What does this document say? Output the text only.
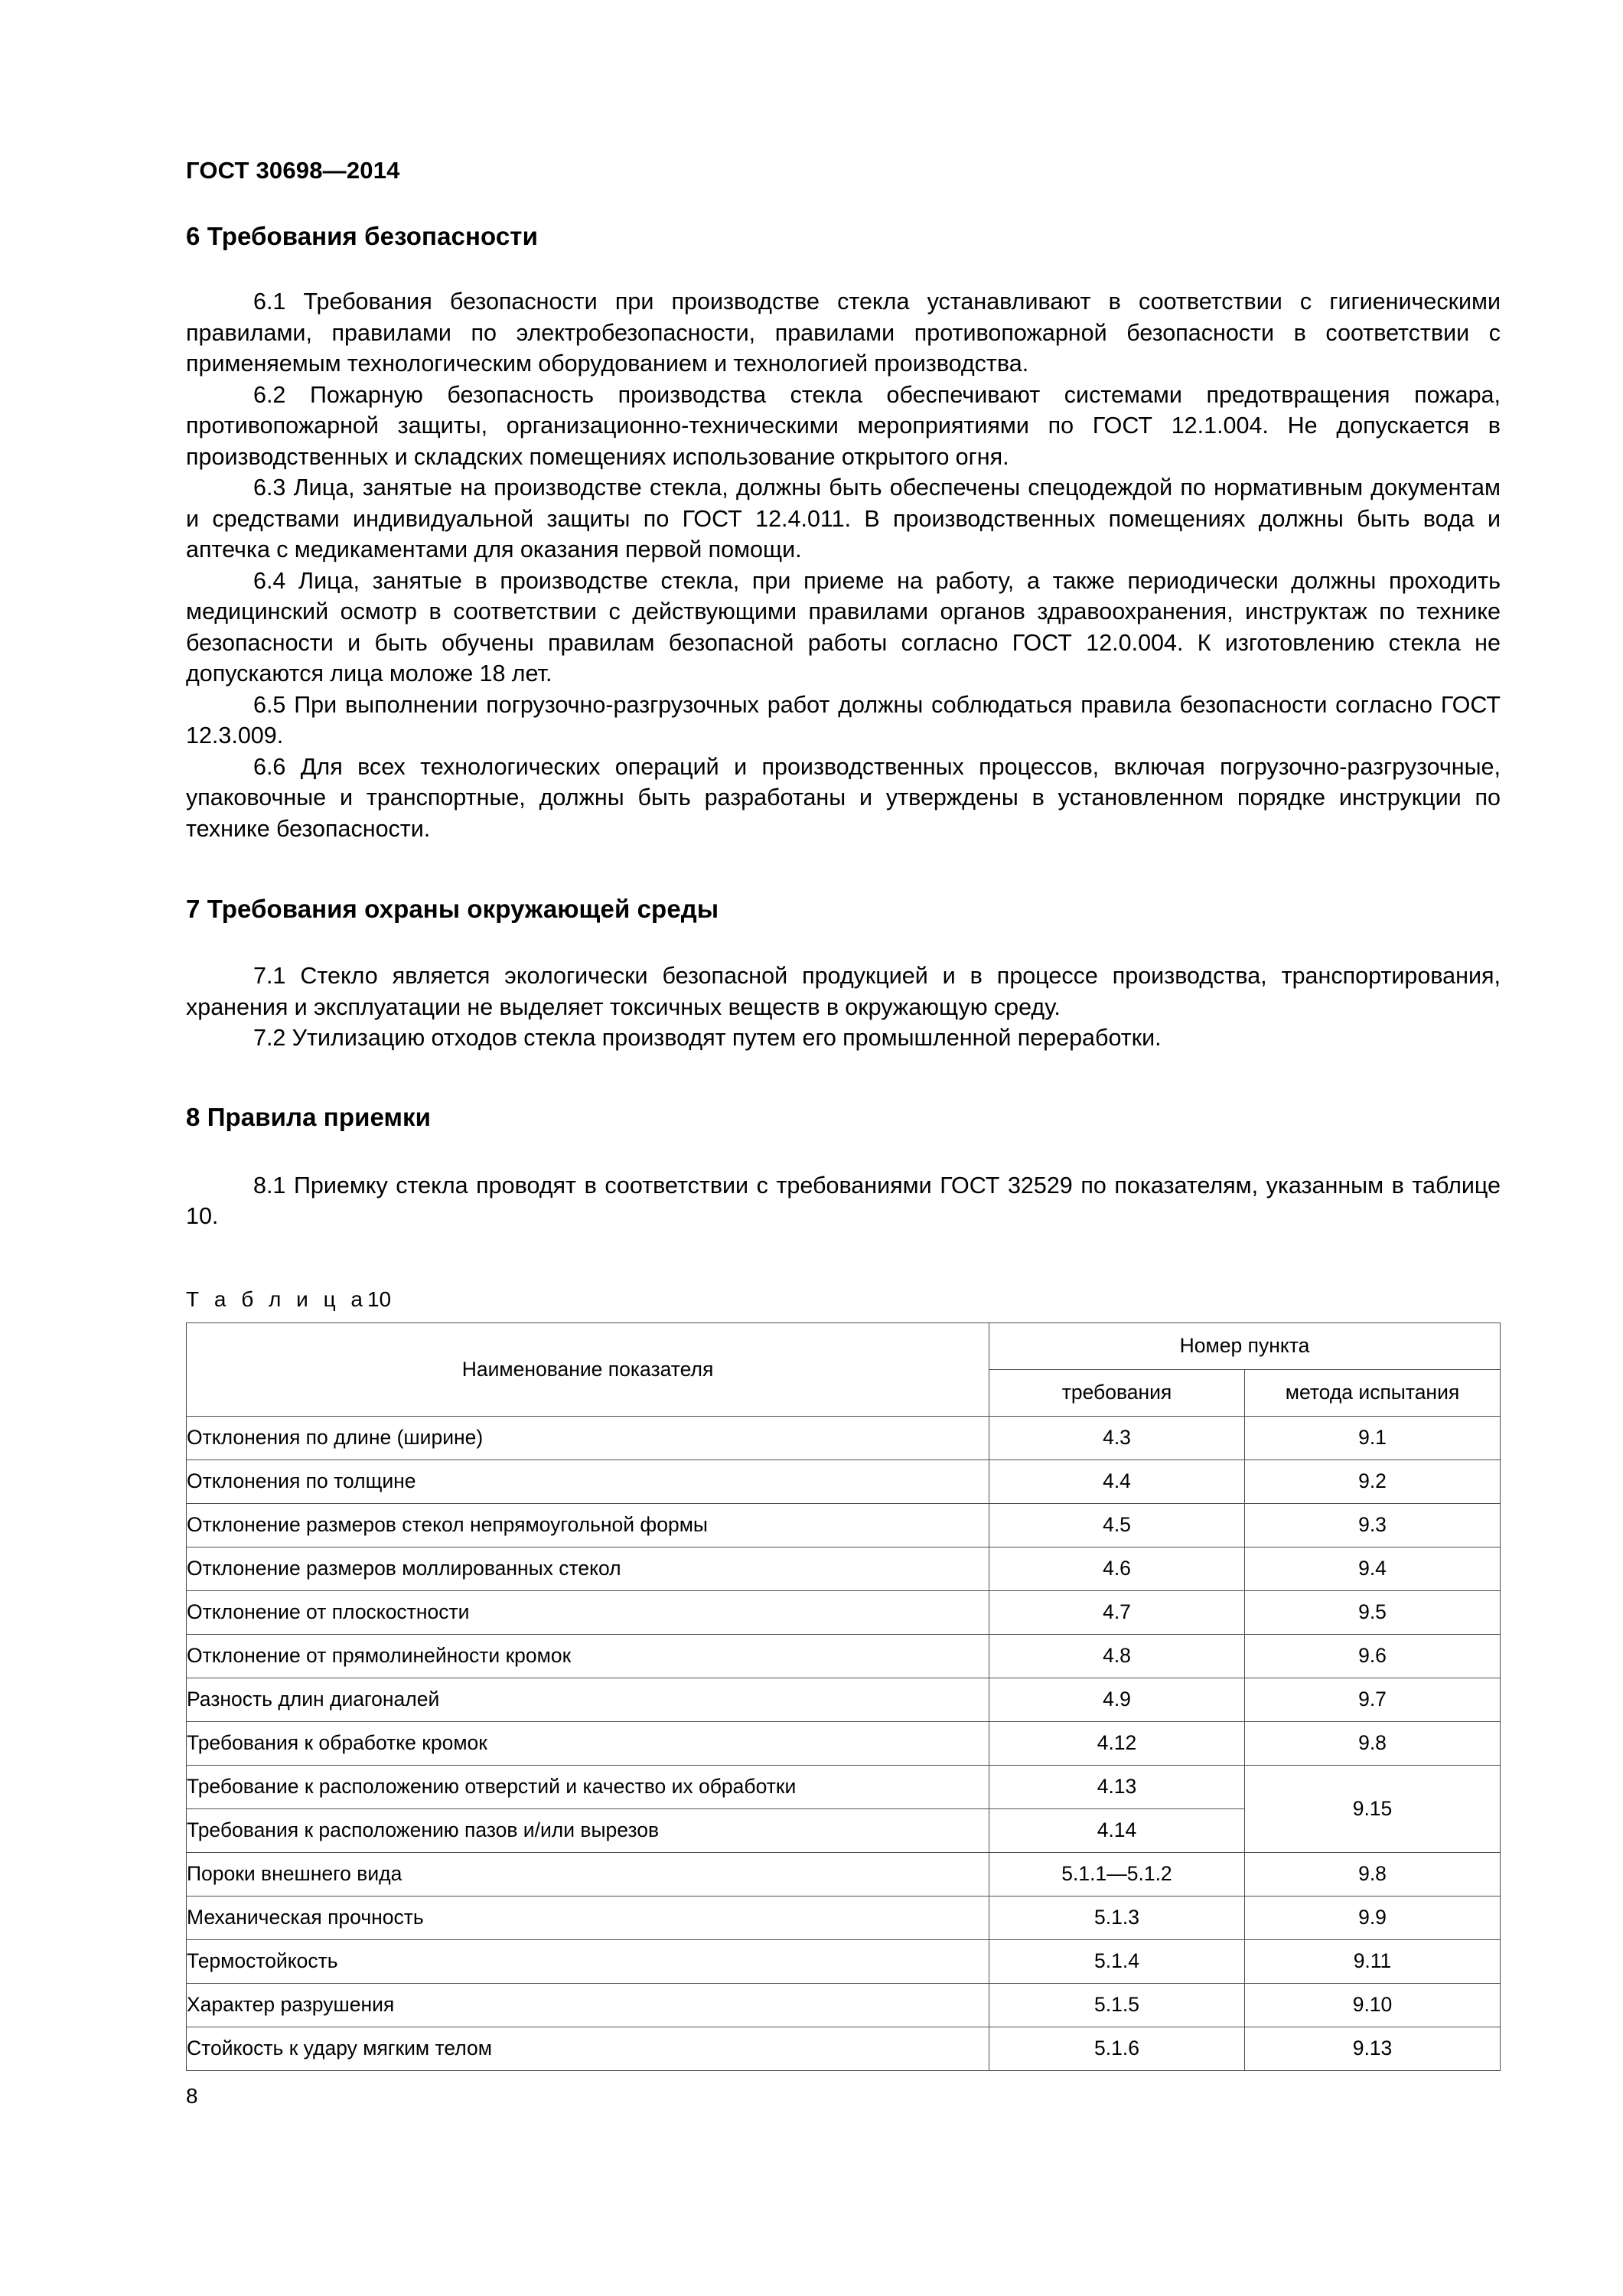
ГОСТ 30698—2014
6 Требования безопасности

6.1 Требования безопасности при производстве стекла устанавливают в соответствии с гигиеническими правилами, правилами по электробезопасности, правилами противопожарной безопасности в соответствии с применяемым технологическим оборудованием и технологией производства.

6.2 Пожарную безопасность производства стекла обеспечивают системами предотвращения пожара, противопожарной защиты, организационно-техническими мероприятиями по ГОСТ 12.1.004. Не допускается в производственных и складских помещениях использование открытого огня.

6.3 Лица, занятые на производстве стекла, должны быть обеспечены спецодеждой по нормативным документам и средствами индивидуальной защиты по ГОСТ 12.4.011. В производственных помещениях должны быть вода и аптечка с медикаментами для оказания первой помощи.

6.4 Лица, занятые в производстве стекла, при приеме на работу, а также периодически должны проходить медицинский осмотр в соответствии с действующими правилами органов здравоохранения, инструктаж по технике безопасности и быть обучены правилам безопасной работы согласно ГОСТ 12.0.004. К изготовлению стекла не допускаются лица моложе 18 лет.

6.5 При выполнении погрузочно-разгрузочных работ должны соблюдаться правила безопасности согласно ГОСТ 12.3.009.

6.6 Для всех технологических операций и производственных процессов, включая погрузочно-разгрузочные, упаковочные и транспортные, должны быть разработаны и утверждены в установленном порядке инструкции по технике безопасности.

7 Требования охраны окружающей среды

7.1 Стекло является экологически безопасной продукцией и в процессе производства, транспортирования, хранения и эксплуатации не выделяет токсичных веществ в окружающую среду.

7.2 Утилизацию отходов стекла производят путем его промышленной переработки.

8 Правила приемки

8.1 Приемку стекла проводят в соответствии с требованиями ГОСТ 32529 по показателям, указанным в таблице 10.

Т а б л и ц а10
Наименование показателя	Номер пункта	
	требования	метода испытания
Отклонения по длине (ширине)	4.3	9.1
Отклонения по толщине	4.4	9.2
Отклонение размеров стекол непрямоугольной формы	4.5	9.3
Отклонение размеров моллированных стекол	4.6	9.4
Отклонение от плоскостности	4.7	9.5
Отклонение от прямолинейности кромок	4.8	9.6
Разность длин диагоналей	4.9	9.7
Требования к обработке кромок	4.12	9.8
Требование к расположению отверстий и качество их обработки	4.13	9.15
Требования к расположению пазов и/или вырезов	4.14	
Пороки внешнего вида	5.1.1—5.1.2	9.8
Механическая прочность	5.1.3	9.9
Термостойкость	5.1.4	9.11
Характер разрушения	5.1.5	9.10
Стойкость к удару мягким телом	5.1.6	9.13
8
